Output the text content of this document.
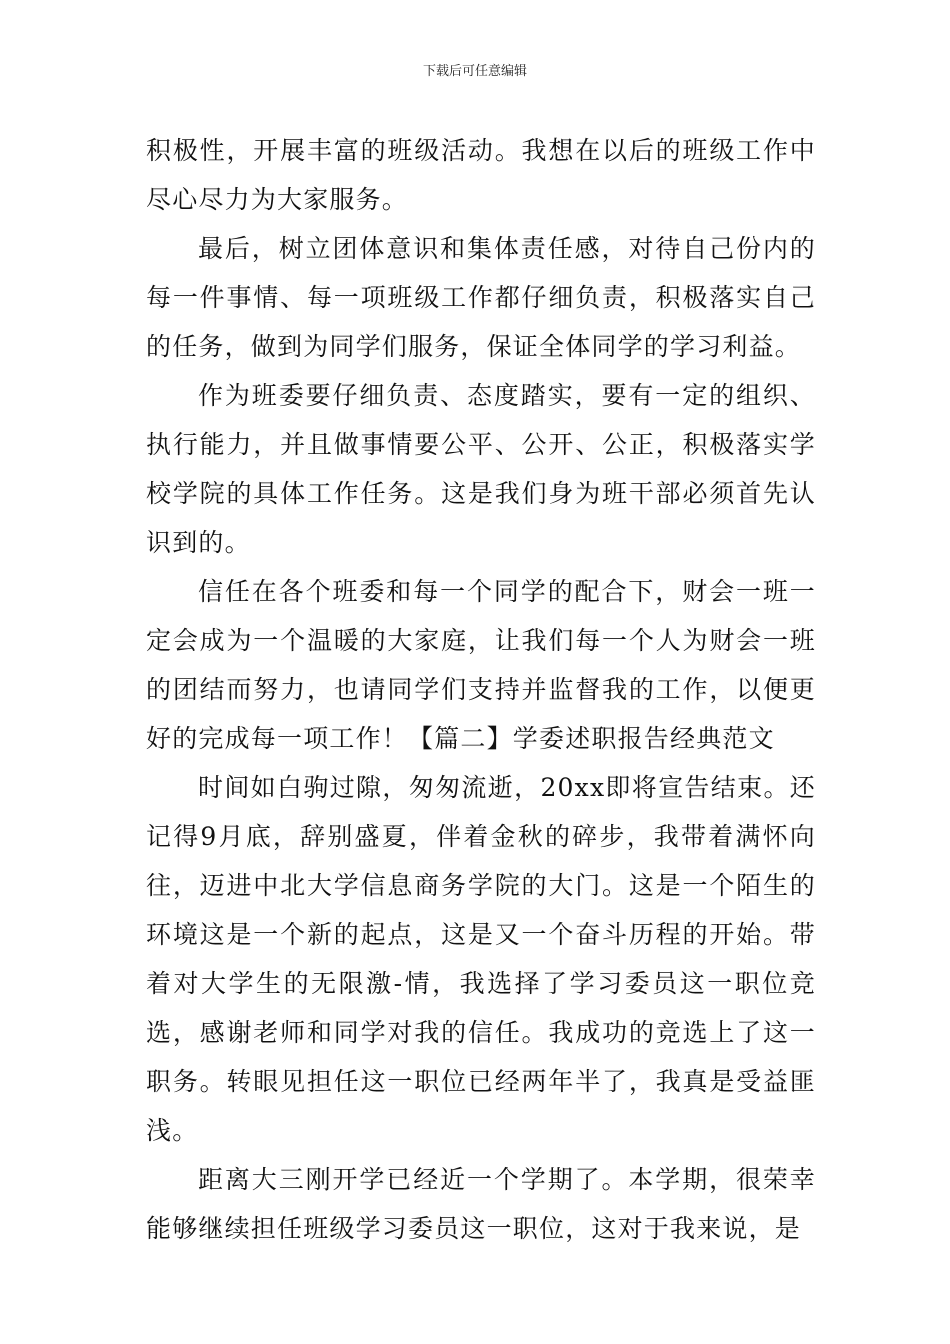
下载后可任意编辑

积极性，开展丰富的班级活动。我想在以后的班级工作中尽心尽力为大家服务。

最后，树立团体意识和集体责任感，对待自己份内的每一件事情、每一项班级工作都仔细负责，积极落实自己的任务，做到为同学们服务，保证全体同学的学习利益。

作为班委要仔细负责、态度踏实，要有一定的组织、执行能力，并且做事情要公平、公开、公正，积极落实学校学院的具体工作任务。这是我们身为班干部必须首先认识到的。

信任在各个班委和每一个同学的配合下，财会一班一定会成为一个温暖的大家庭，让我们每一个人为财会一班的团结而努力，也请同学们支持并监督我的工作，以便更好的完成每一项工作！【篇二】学委述职报告经典范文

时间如白驹过隙，匆匆流逝，20xx即将宣告结束。还记得9月底，辞别盛夏，伴着金秋的碎步，我带着满怀向往，迈进中北大学信息商务学院的大门。这是一个陌生的环境这是一个新的起点，这是又一个奋斗历程的开始。带着对大学生的无限激-情，我选择了学习委员这一职位竞选，感谢老师和同学对我的信任。我成功的竞选上了这一职务。转眼见担任这一职位已经两年半了，我真是受益匪浅。

距离大三刚开学已经近一个学期了。本学期，很荣幸能够继续担任班级学习委员这一职位，这对于我来说，是
